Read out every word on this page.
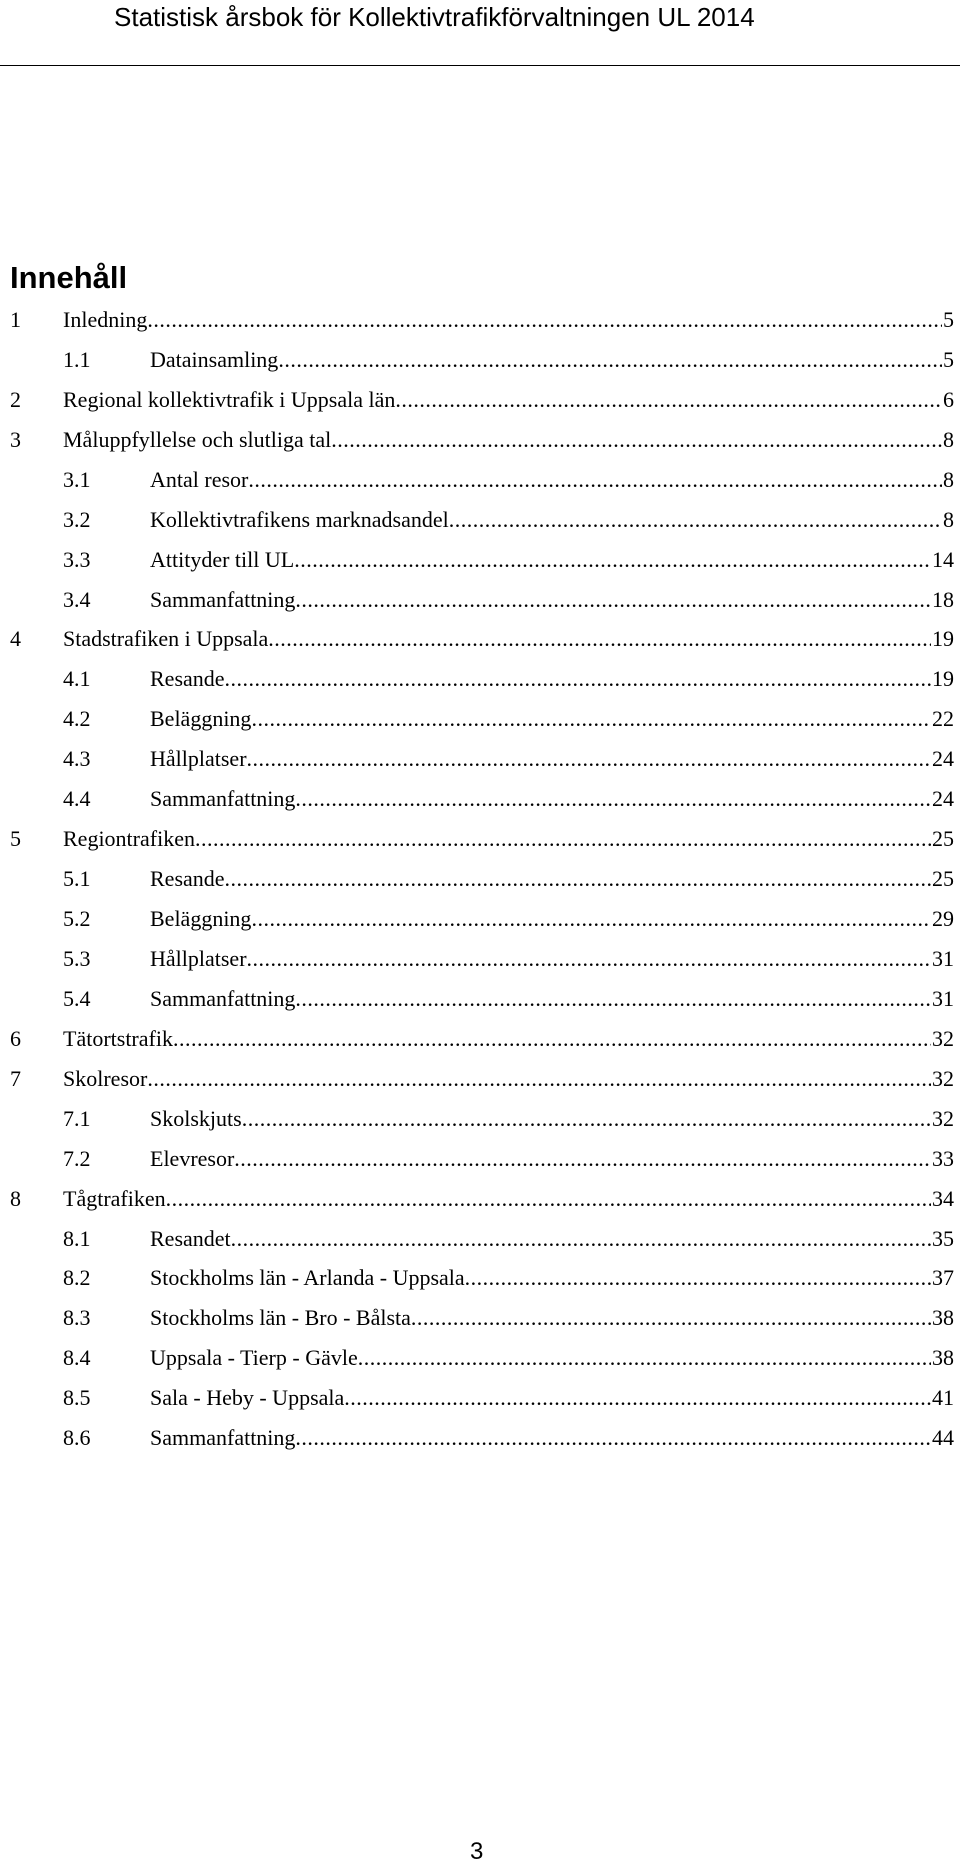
Statistisk årsbok för Kollektivtrafikförvaltningen UL 2014
Innehåll
1	Inledning .....	5
1.1	Datainsamling .....	5
2	Regional kollektivtrafik i Uppsala län .....	6
3	Måluppfyllelse och slutliga tal .....	8
3.1	Antal resor .....	8
3.2	Kollektivtrafikens marknadsandel .....	8
3.3	Attityder till UL .....	14
3.4	Sammanfattning .....	18
4	Stadstrafiken i Uppsala .....	19
4.1	Resande .....	19
4.2	Beläggning .....	22
4.3	Hållplatser .....	24
4.4	Sammanfattning .....	24
5	Regiontrafiken .....	25
5.1	Resande .....	25
5.2	Beläggning .....	29
5.3	Hållplatser .....	31
5.4	Sammanfattning .....	31
6	Tätortstrafik .....	32
7	Skolresor .....	32
7.1	Skolskjuts .....	32
7.2	Elevresor .....	33
8	Tågtrafiken .....	34
8.1	Resandet .....	35
8.2	Stockholms län - Arlanda - Uppsala .....	37
8.3	Stockholms län - Bro - Bålsta .....	38
8.4	Uppsala - Tierp - Gävle .....	38
8.5	Sala - Heby - Uppsala .....	41
8.6	Sammanfattning .....	44
3
